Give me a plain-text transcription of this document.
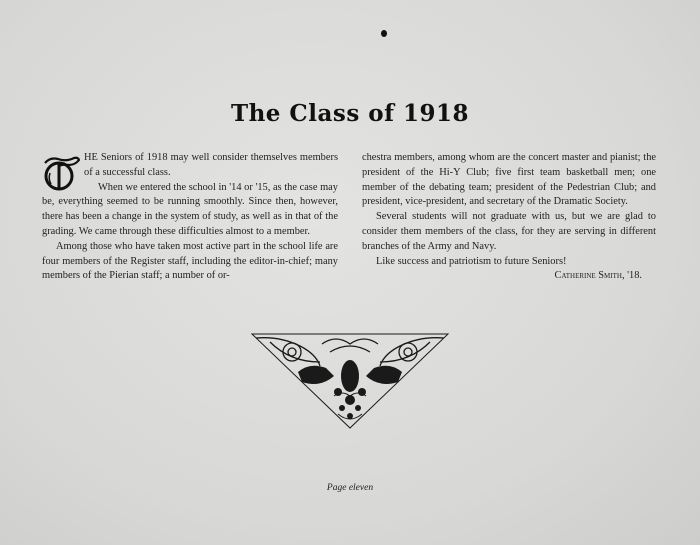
The Class of 1918

HE Seniors of 1918 may well consider themselves members of a successful class.

When we entered the school in '14 or '15, as the case may be, everything seemed to be running smoothly. Since then, however, there has been a change in the system of study, as well as in that of the grading. We came through these difficulties almost to a member.

Among those who have taken most active part in the school life are four members of the Register staff, including the editor-in-chief; many members of the Pierian staff; a number of or-

chestra members, among whom are the concert master and pianist; the president of the Hi-Y Club; five first team basketball men; one member of the debating team; president of the Pedestrian Club; and president, vice-president, and secretary of the Dramatic Society.

Several students will not graduate with us, but we are glad to consider them members of the class, for they are serving in different branches of the Army and Navy.

Like success and patriotism to future Seniors!

Catherine Smith, '18.

Page eleven
